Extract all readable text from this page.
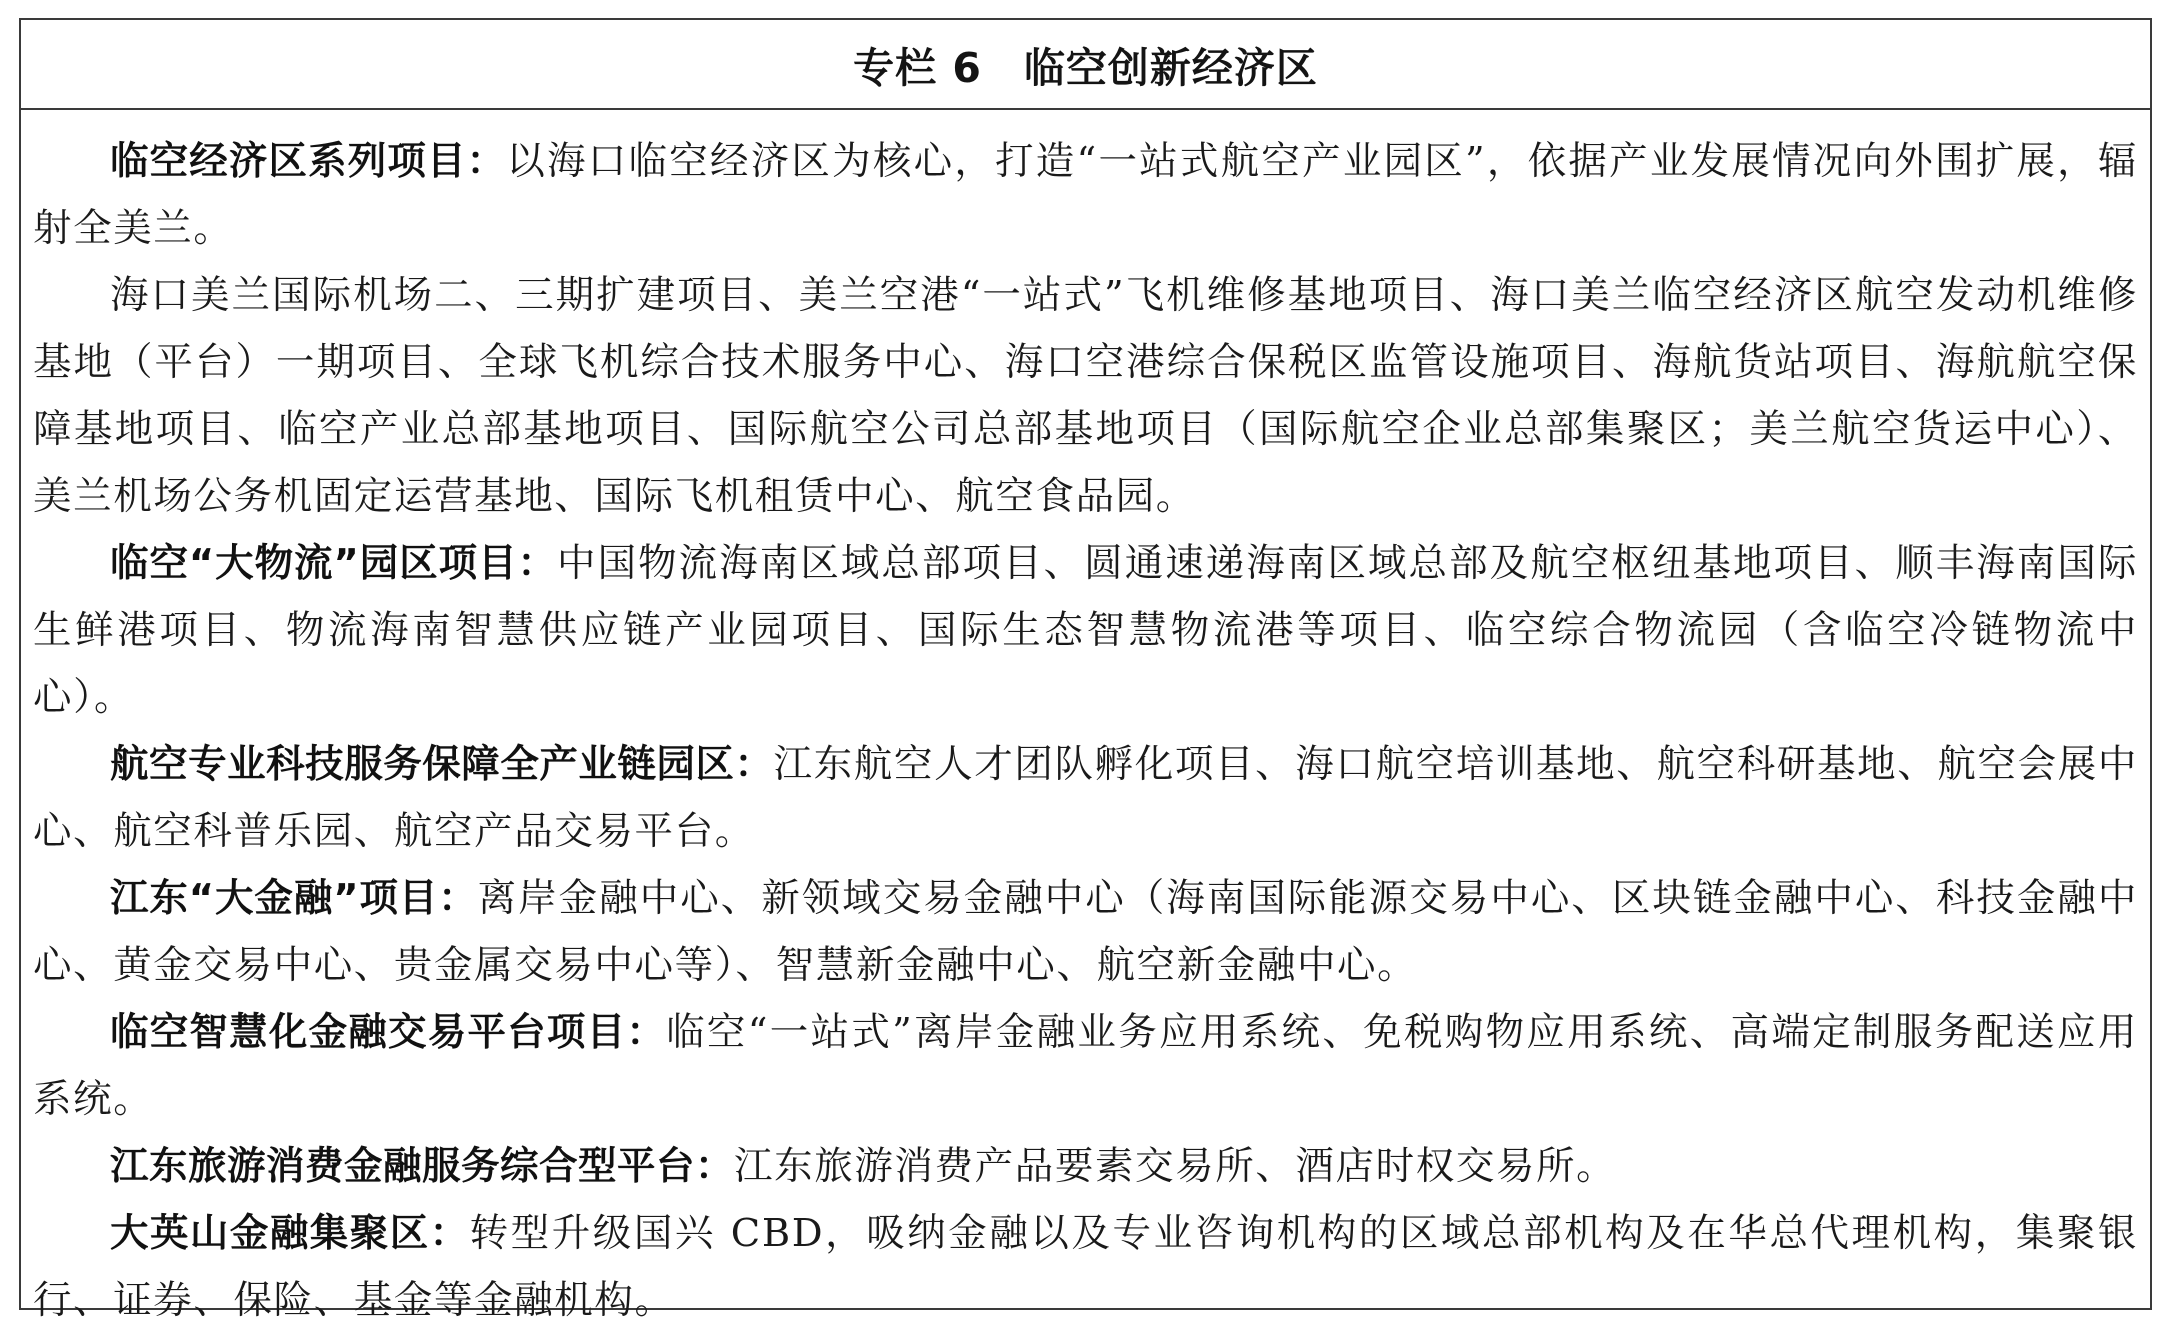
专栏 6 临空创新经济区

临空经济区系列项目：以海口临空经济区为核心，打造“一站式航空产业园区”，依据产业发展情况向外围扩展，辐射全美兰。

海口美兰国际机场二、三期扩建项目、美兰空港“一站式”飞机维修基地项目、海口美兰临空经济区航空发动机维修基地（平台）一期项目、全球飞机综合技术服务中心、海口空港综合保税区监管设施项目、海航货站项目、海航航空保障基地项目、临空产业总部基地项目、国际航空公司总部基地项目（国际航空企业总部集聚区；美兰航空货运中心）、美兰机场公务机固定运营基地、国际飞机租赁中心、航空食品园。

临空“大物流”园区项目：中国物流海南区域总部项目、圆通速递海南区域总部及航空枢纽基地项目、顺丰海南国际生鲜港项目、物流海南智慧供应链产业园项目、国际生态智慧物流港等项目、临空综合物流园（含临空冷链物流中心）。

航空专业科技服务保障全产业链园区：江东航空人才团队孵化项目、海口航空培训基地、航空科研基地、航空会展中心、航空科普乐园、航空产品交易平台。

江东“大金融”项目：离岸金融中心、新领域交易金融中心（海南国际能源交易中心、区块链金融中心、科技金融中心、黄金交易中心、贵金属交易中心等）、智慧新金融中心、航空新金融中心。

临空智慧化金融交易平台项目：临空“一站式”离岸金融业务应用系统、免税购物应用系统、高端定制服务配送应用系统。

江东旅游消费金融服务综合型平台：江东旅游消费产品要素交易所、酒店时权交易所。

大英山金融集聚区：转型升级国兴 CBD，吸纳金融以及专业咨询机构的区域总部机构及在华总代理机构，集聚银行、证券、保险、基金等金融机构。
